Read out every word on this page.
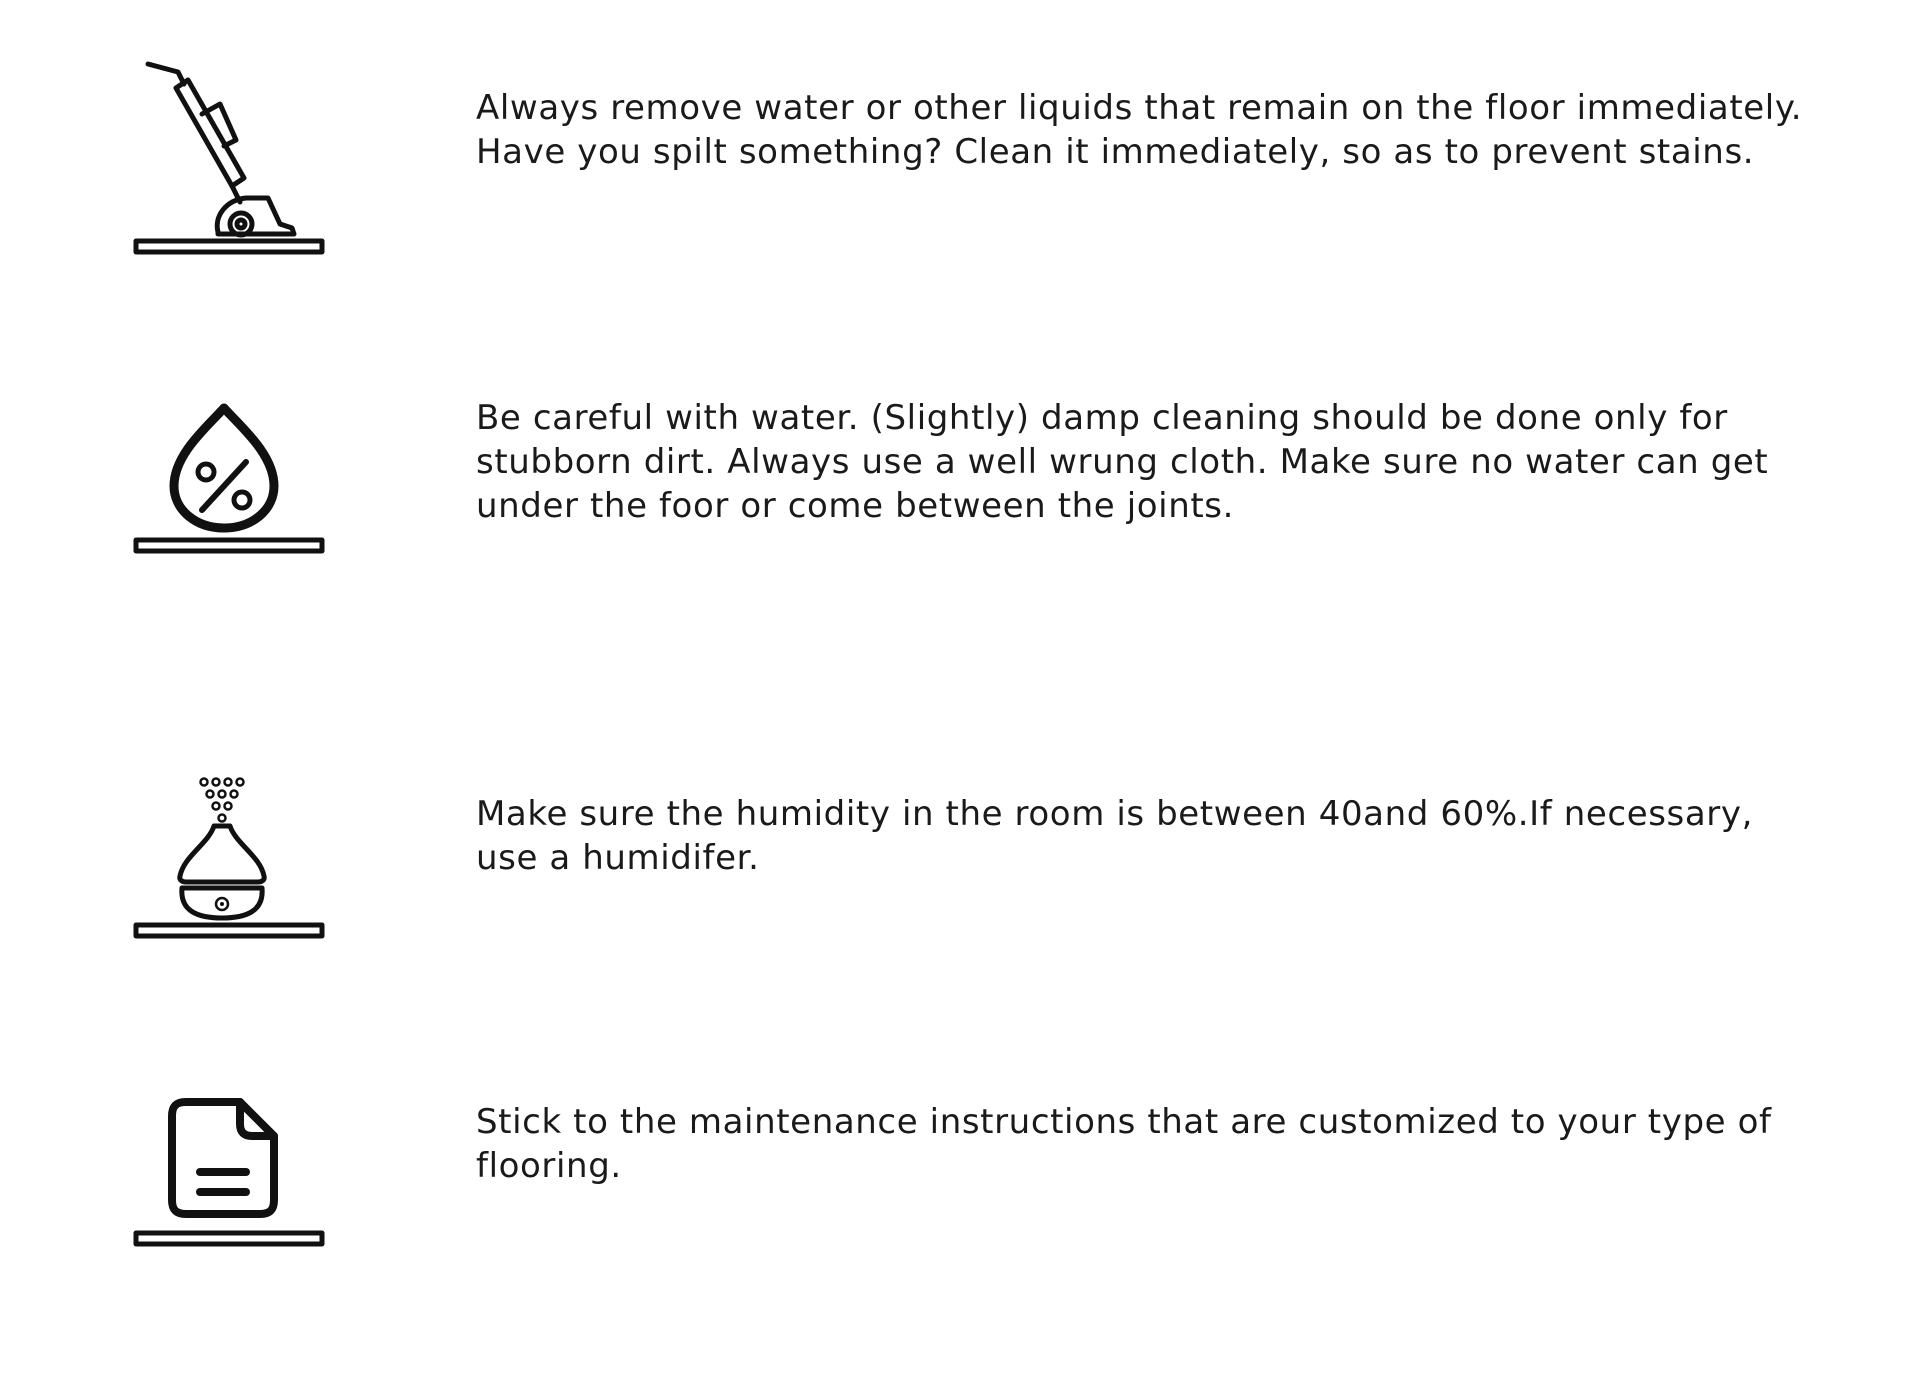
Always remove water or other liquids that remain on the floor immediately. Have you spilt something? Clean it immediately, so as to prevent stains.

Be careful with water. (Slightly) damp cleaning should be done only for stubborn dirt. Always use a well wrung cloth. Make sure no water can get under the foor or come between the joints.

Make sure the humidity in the room is between 40and 60%.If necessary, use a humidifer.

Stick to the maintenance instructions that are customized to your type of flooring.
